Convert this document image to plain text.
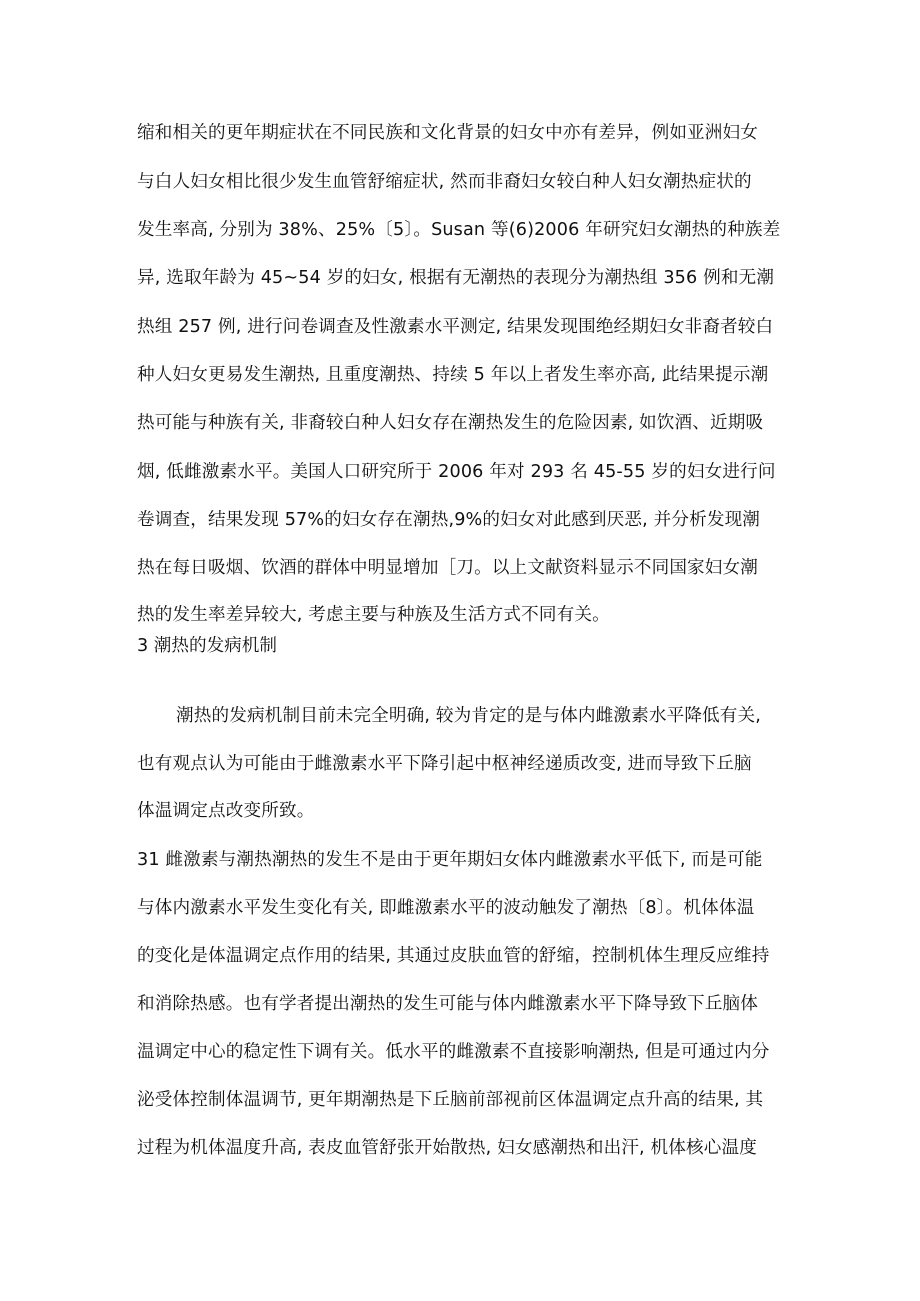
缩和相关的更年期症状在不同民族和文化背景的妇女中亦有差异，例如亚洲妇女
与白人妇女相比很少发生血管舒缩症状, 然而非裔妇女较白种人妇女潮热症状的
发生率高, 分别为 38%、25%〔5〕。Susan 等(6)2006 年研究妇女潮热的种族差
异, 选取年龄为 45~54 岁的妇女, 根据有无潮热的表现分为潮热组 356 例和无潮
热组 257 例, 进行问卷调查及性激素水平测定, 结果发现围绝经期妇女非裔者较白
种人妇女更易发生潮热, 且重度潮热、持续 5 年以上者发生率亦高, 此结果提示潮
热可能与种族有关, 非裔较白种人妇女存在潮热发生的危险因素, 如饮酒、近期吸
烟, 低雌激素水平。美国人口研究所于 2006 年对 293 名 45-55 岁的妇女进行问
卷调查，结果发现 57%的妇女存在潮热,9%的妇女对此感到厌恶, 并分析发现潮
热在每日吸烟、饮酒的群体中明显增加［刀。以上文献资料显示不同国家妇女潮
热的发生率差异较大, 考虑主要与种族及生活方式不同有关。
3 潮热的发病机制
潮热的发病机制目前未完全明确, 较为肯定的是与体内雌激素水平降低有关,
也有观点认为可能由于雌激素水平下降引起中枢神经递质改变, 进而导致下丘脑
体温调定点改变所致。
31 雌激素与潮热潮热的发生不是由于更年期妇女体内雌激素水平低下, 而是可能
与体内激素水平发生变化有关, 即雌激素水平的波动触发了潮热〔8〕。机体体温
的变化是体温调定点作用的结果, 其通过皮肤血管的舒缩，控制机体生理反应维持
和消除热感。也有学者提出潮热的发生可能与体内雌激素水平下降导致下丘脑体
温调定中心的稳定性下调有关。低水平的雌激素不直接影响潮热, 但是可通过内分
泌受体控制体温调节, 更年期潮热是下丘脑前部视前区体温调定点升高的结果, 其
过程为机体温度升高, 表皮血管舒张开始散热, 妇女感潮热和出汗, 机体核心温度
